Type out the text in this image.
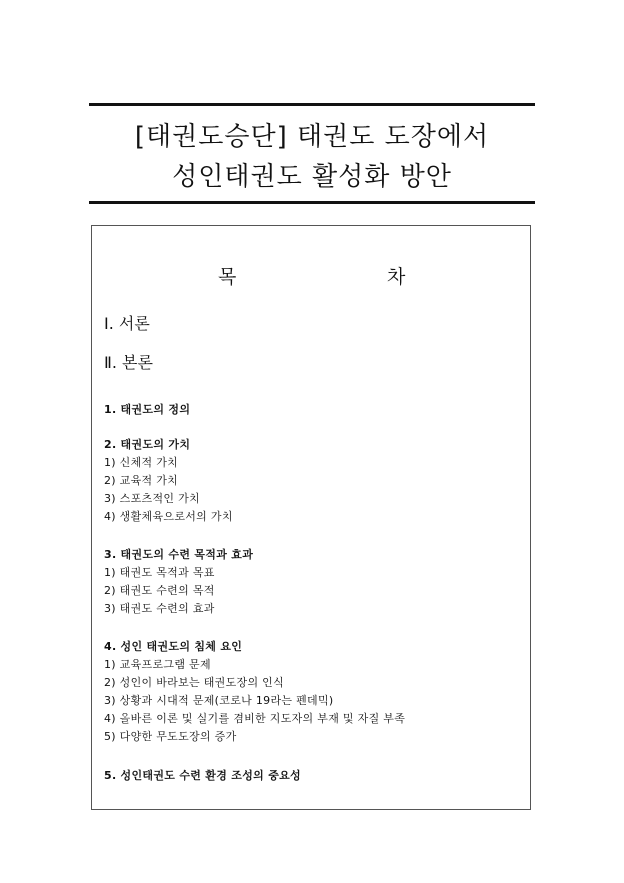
[태권도승단] 태권도 도장에서
성인태권도 활성화 방안
목	차
Ⅰ. 서론
Ⅱ. 본론
1. 태권도의 정의
2. 태권도의 가치
1) 신체적 가치
2) 교육적 가치
3) 스포츠적인 가치
4) 생활체육으로서의 가치
3. 태권도의 수련 목적과 효과
1) 태권도 목적과 목표
2) 태권도 수련의 목적
3) 태권도 수련의 효과
4. 성인 태권도의 침체 요인
1) 교육프로그램 문제
2) 성인이 바라보는 태권도장의 인식
3) 상황과 시대적 문제(코로나 19라는 펜데믹)
4) 올바른 이론 및 실기를 겸비한 지도자의 부재 및 자질 부족
5) 다양한 무도도장의 증가
5. 성인태권도 수련 환경 조성의 중요성
